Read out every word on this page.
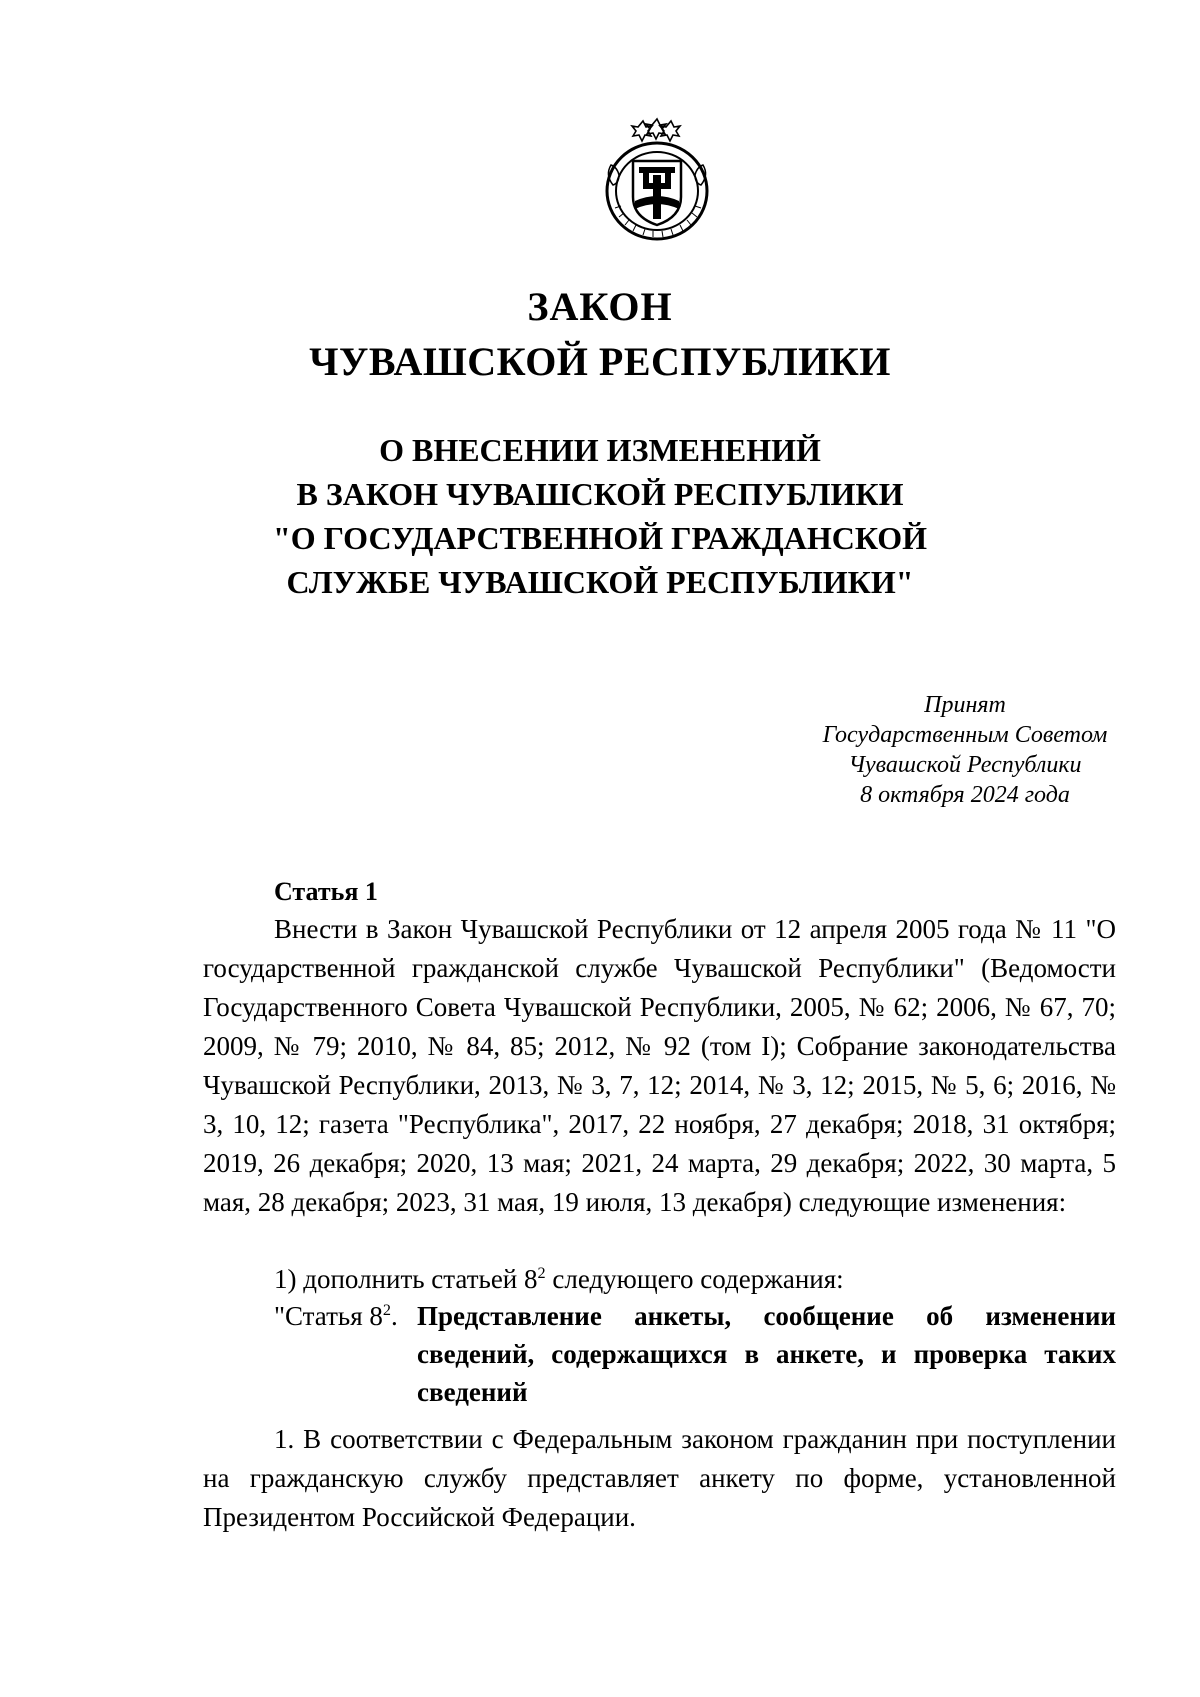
ЗАКОН
ЧУВАШСКОЙ РЕСПУБЛИКИ
О ВНЕСЕНИИ ИЗМЕНЕНИЙ
В ЗАКОН ЧУВАШСКОЙ РЕСПУБЛИКИ
"О ГОСУДАРСТВЕННОЙ ГРАЖДАНСКОЙ
СЛУЖБЕ ЧУВАШСКОЙ РЕСПУБЛИКИ"
Принят
Государственным Советом
Чувашской Республики
8 октября 2024 года
Статья 1

Внести в Закон Чувашской Республики от 12 апреля 2005 года № 11 "О государственной гражданской службе Чувашской Республики" (Ведомости Государственного Совета Чувашской Республики, 2005, № 62; 2006, № 67, 70; 2009, № 79; 2010, № 84, 85; 2012, № 92 (том I); Собрание законодательства Чувашской Республики, 2013, № 3, 7, 12; 2014, № 3, 12; 2015, № 5, 6; 2016, № 3, 10, 12; газета "Республика", 2017, 22 ноября, 27 декабря; 2018, 31 октября; 2019, 26 декабря; 2020, 13 мая; 2021, 24 марта, 29 декабря; 2022, 30 марта, 5 мая, 28 декабря; 2023, 31 мая, 19 июля, 13 декабря) следующие изменения:

1) дополнить статьей $8^2$ следующего содержания:

"Статья $8^2$. Представление анкеты, сообщение об изменении сведений, содержащихся в анкете, и проверка таких сведений

1. В соответствии с Федеральным законом гражданин при поступлении на гражданскую службу представляет анкету по форме, установленной Президентом Российской Федерации.
